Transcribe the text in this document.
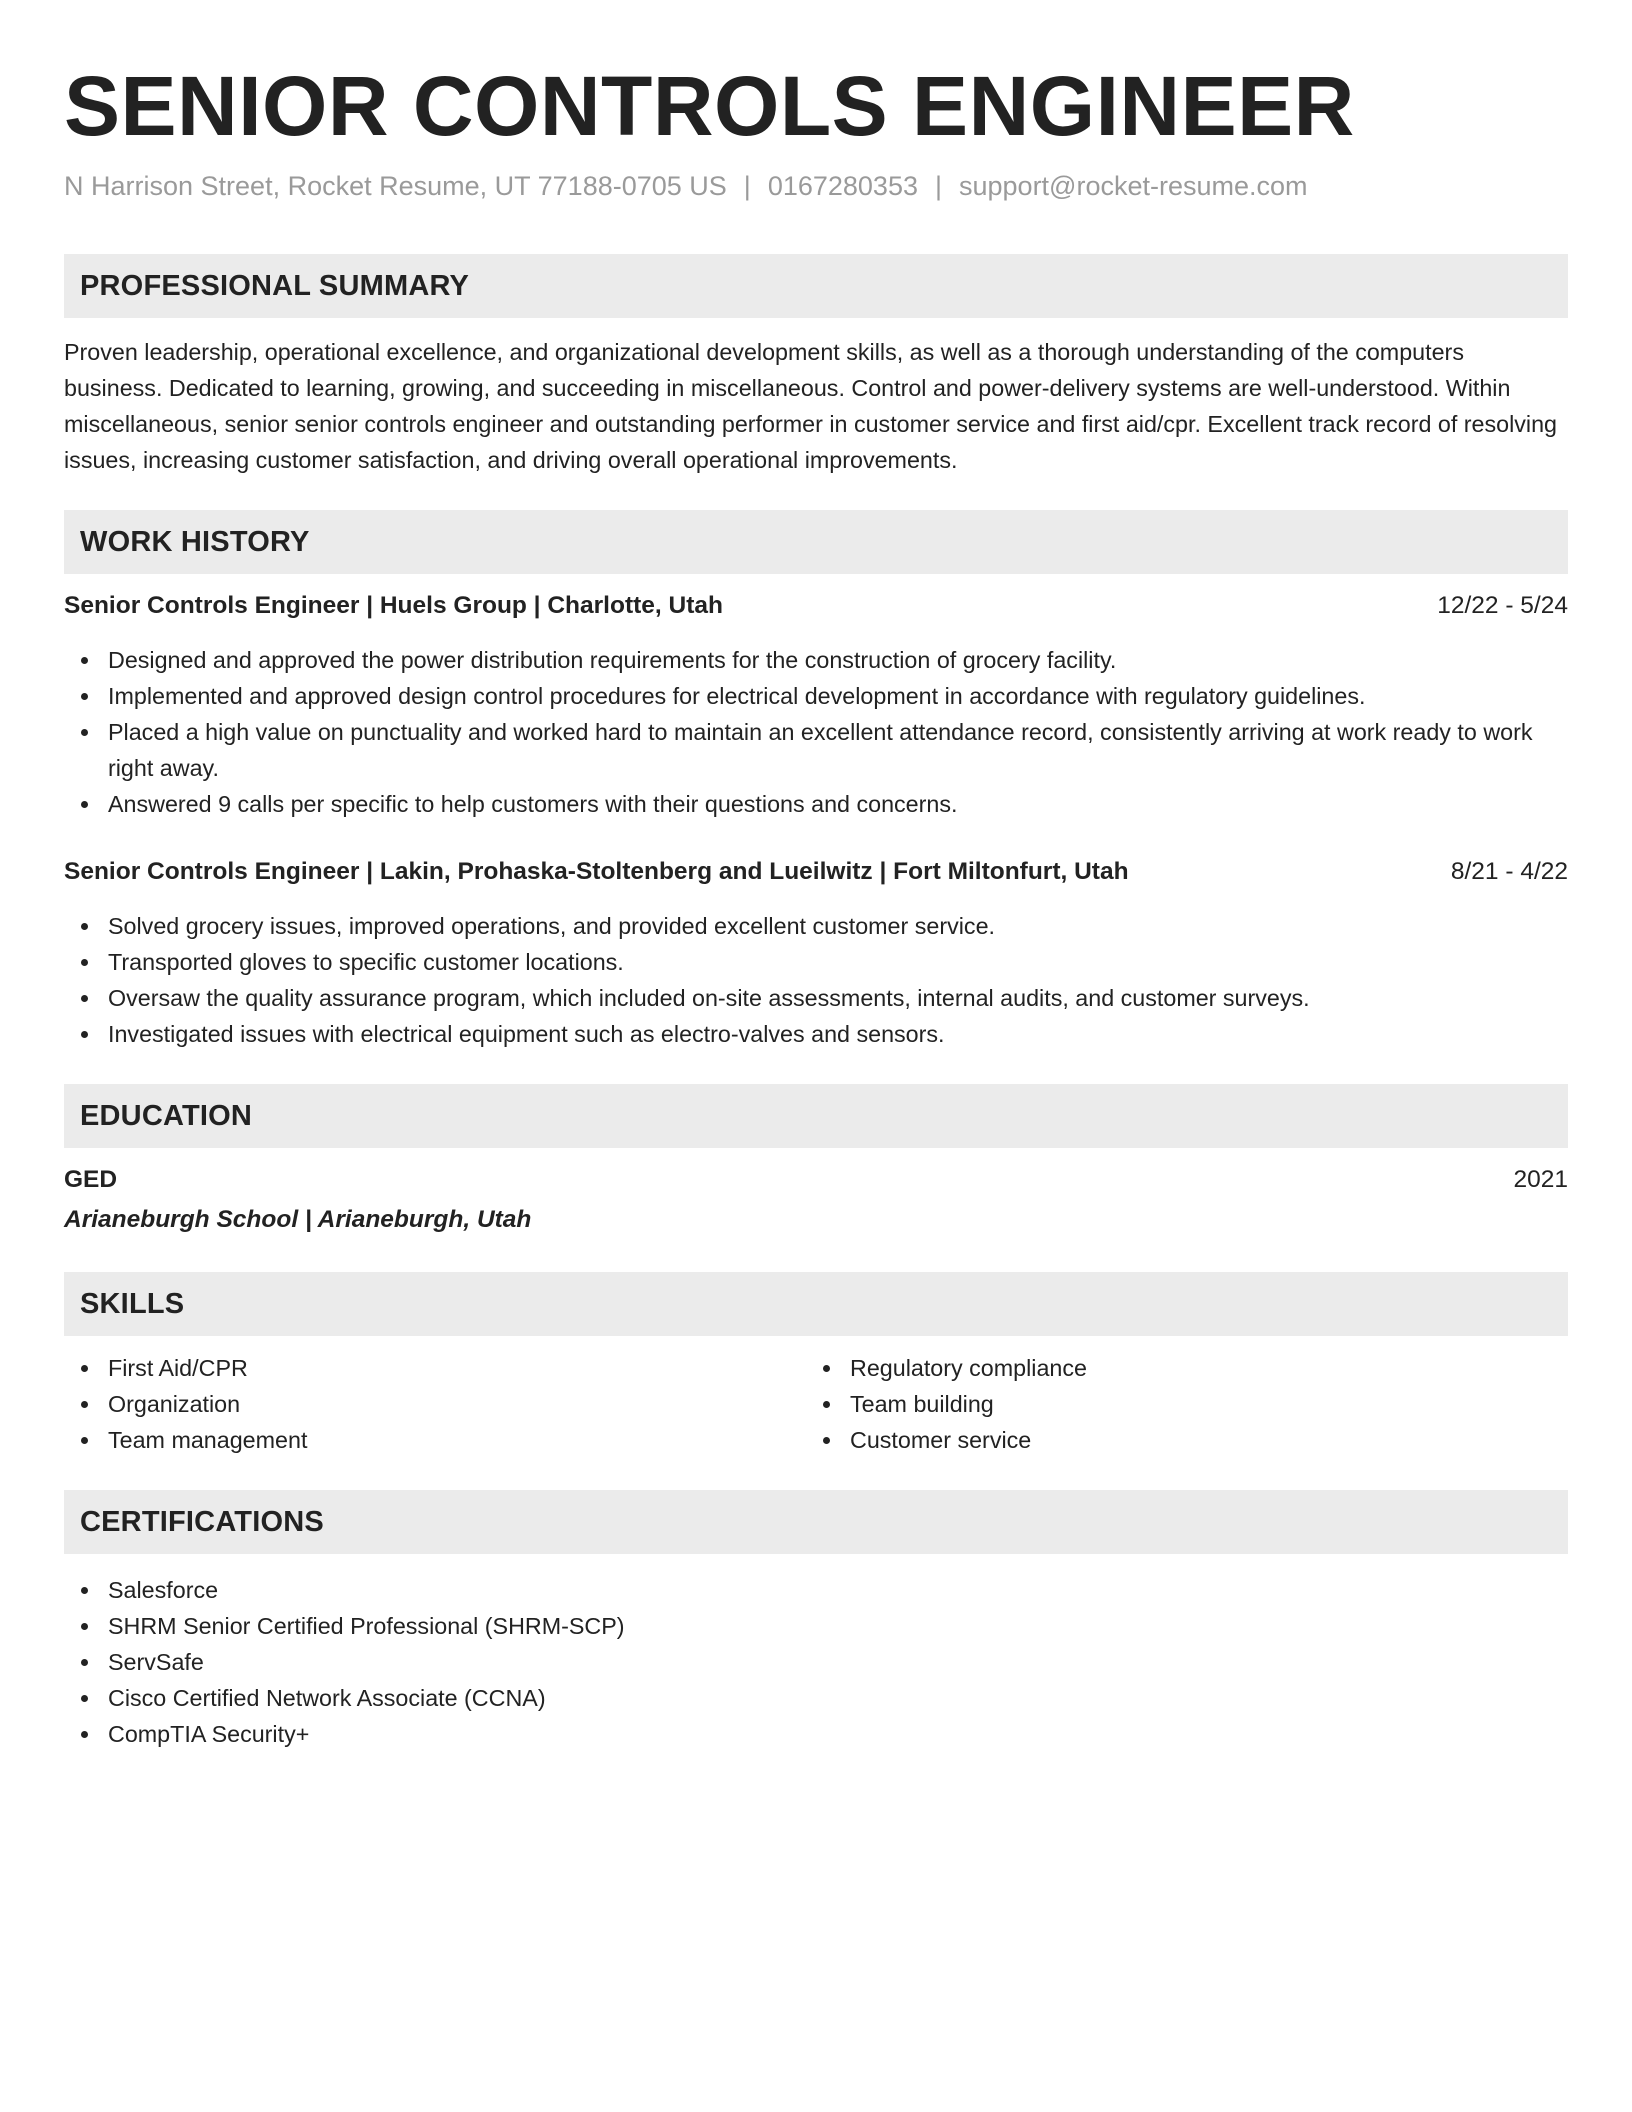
SENIOR CONTROLS ENGINEER
N Harrison Street, Rocket Resume, UT 77188-0705 US | 0167280353 | support@rocket-resume.com
PROFESSIONAL SUMMARY

Proven leadership, operational excellence, and organizational development skills, as well as a thorough understanding of the computers business. Dedicated to learning, growing, and succeeding in miscellaneous. Control and power-delivery systems are well-understood. Within miscellaneous, senior senior controls engineer and outstanding performer in customer service and first aid/cpr. Excellent track record of resolving issues, increasing customer satisfaction, and driving overall operational improvements.

WORK HISTORY
Senior Controls Engineer | Huels Group | Charlotte, Utah	12/22 - 5/24
Designed and approved the power distribution requirements for the construction of grocery facility.
Implemented and approved design control procedures for electrical development in accordance with regulatory guidelines.
Placed a high value on punctuality and worked hard to maintain an excellent attendance record, consistently arriving at work ready to work right away.
Answered 9 calls per specific to help customers with their questions and concerns.
Senior Controls Engineer | Lakin, Prohaska-Stoltenberg and Lueilwitz | Fort Miltonfurt, Utah	8/21 - 4/22
Solved grocery issues, improved operations, and provided excellent customer service.
Transported gloves to specific customer locations.
Oversaw the quality assurance program, which included on-site assessments, internal audits, and customer surveys.
Investigated issues with electrical equipment such as electro-valves and sensors.
EDUCATION
GED	2021
Arianeburgh School | Arianeburgh, Utah
SKILLS
First Aid/CPR
Organization
Team management
Regulatory compliance
Team building
Customer service
CERTIFICATIONS
Salesforce
SHRM Senior Certified Professional (SHRM-SCP)
ServSafe
Cisco Certified Network Associate (CCNA)
CompTIA Security+
